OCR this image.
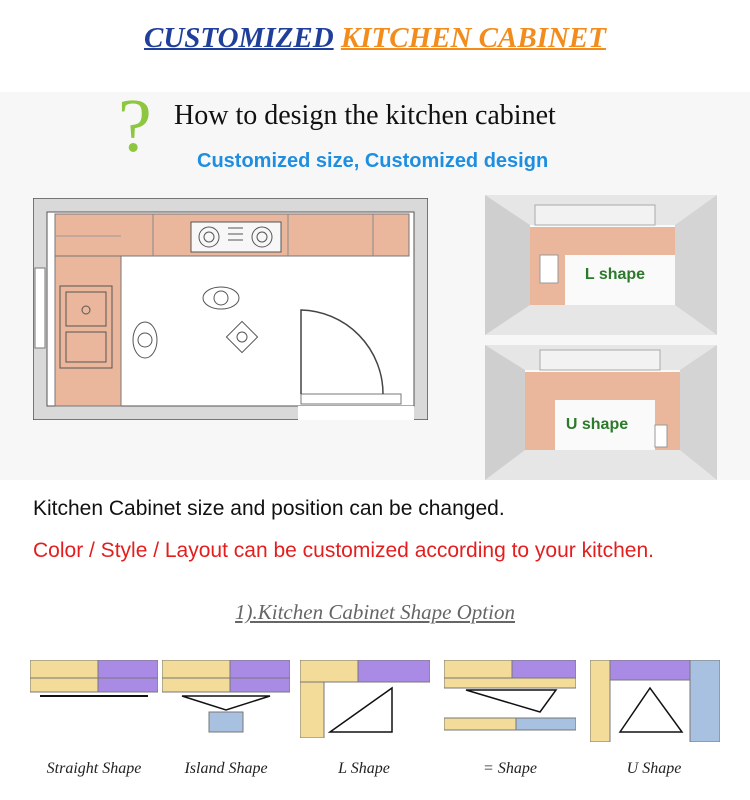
CUSTOMIZED KITCHEN CABINET
? How to design the kitchen cabinet
Customized size, Customized design
L shape
U shape
Kitchen Cabinet size and position can be changed.
Color / Style / Layout can be customized according to your kitchen.
1).Kitchen Cabinet Shape Option
Straight Shape	Island Shape	L Shape	= Shape	U Shape
